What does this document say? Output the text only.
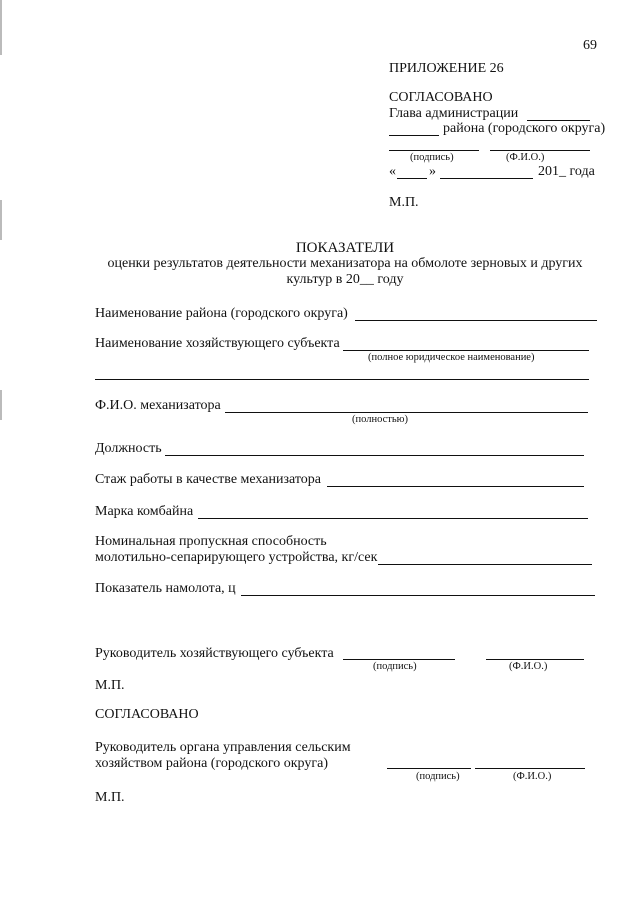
69
ПРИЛОЖЕНИЕ 26
СОГЛАСОВАНО
Глава администрации
района (городского округа)
(подпись)	(Ф.И.О.)
« »	201_ года
М.П.
ПОКАЗАТЕЛИ
оценки результатов деятельности механизатора на обмолоте зерновых и других
культур в 20__ году
Наименование района (городского округа)
Наименование хозяйствующего субъекта
(полное юридическое наименование)
Ф.И.О. механизатора
(полностью)
Должность
Стаж работы в качестве механизатора
Марка комбайна
Номинальная пропускная способность
молотильно-сепарирующего устройства, кг/сек
Показатель намолота, ц
Руководитель хозяйствующего субъекта
(подпись)	(Ф.И.О.)
М.П.
СОГЛАСОВАНО
Руководитель органа управления сельским
хозяйством района (городского округа)
(подпись)	(Ф.И.О.)
М.П.
